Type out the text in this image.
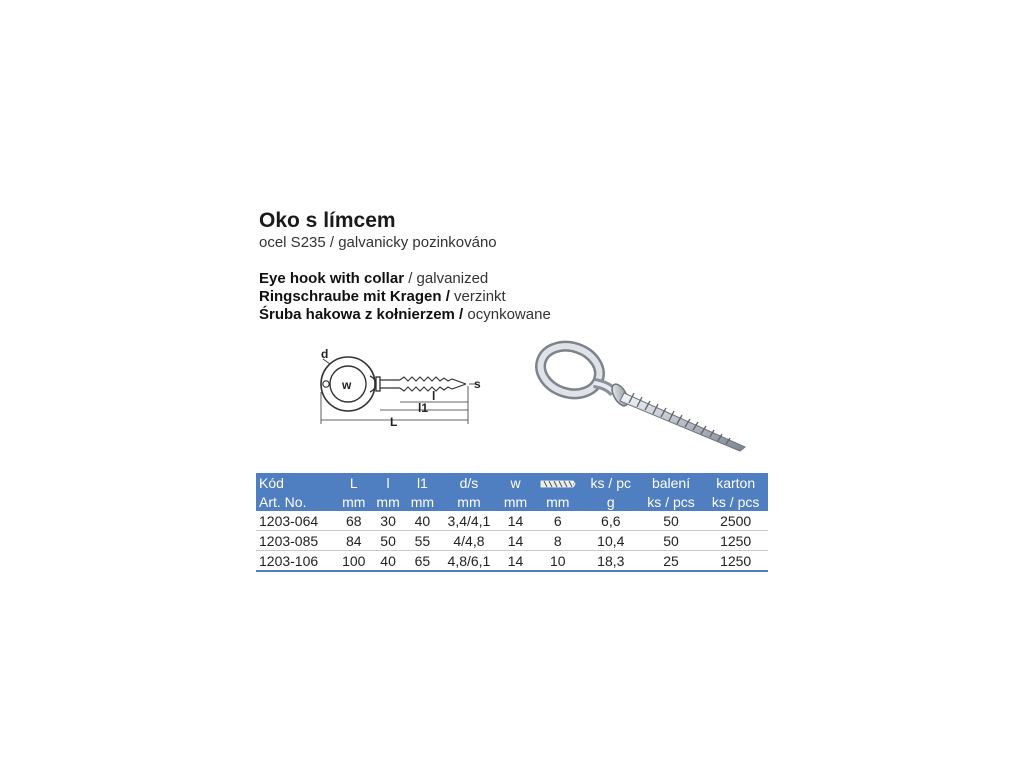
Oko s límcem
ocel S235 / galvanicky pozinkováno
Eye hook with collar / galvanized
Ringschraube mit Kragen / verzinkt
Śruba hakowa z kołnierzem / ocynkowane
d
w	s
l
l1
L
Kód	L	l	l1	d/s	w		ks / pc	balení	karton
Art. No.	mm	mm	mm	mm	mm	mm	g	ks / pcs	ks / pcs
1203-064	68	30	40	3,4/4,1	14	6	6,6	50	2500
1203-085	84	50	55	4/4,8	14	8	10,4	50	1250
1203-106	100	40	65	4,8/6,1	14	10	18,3	25	1250
